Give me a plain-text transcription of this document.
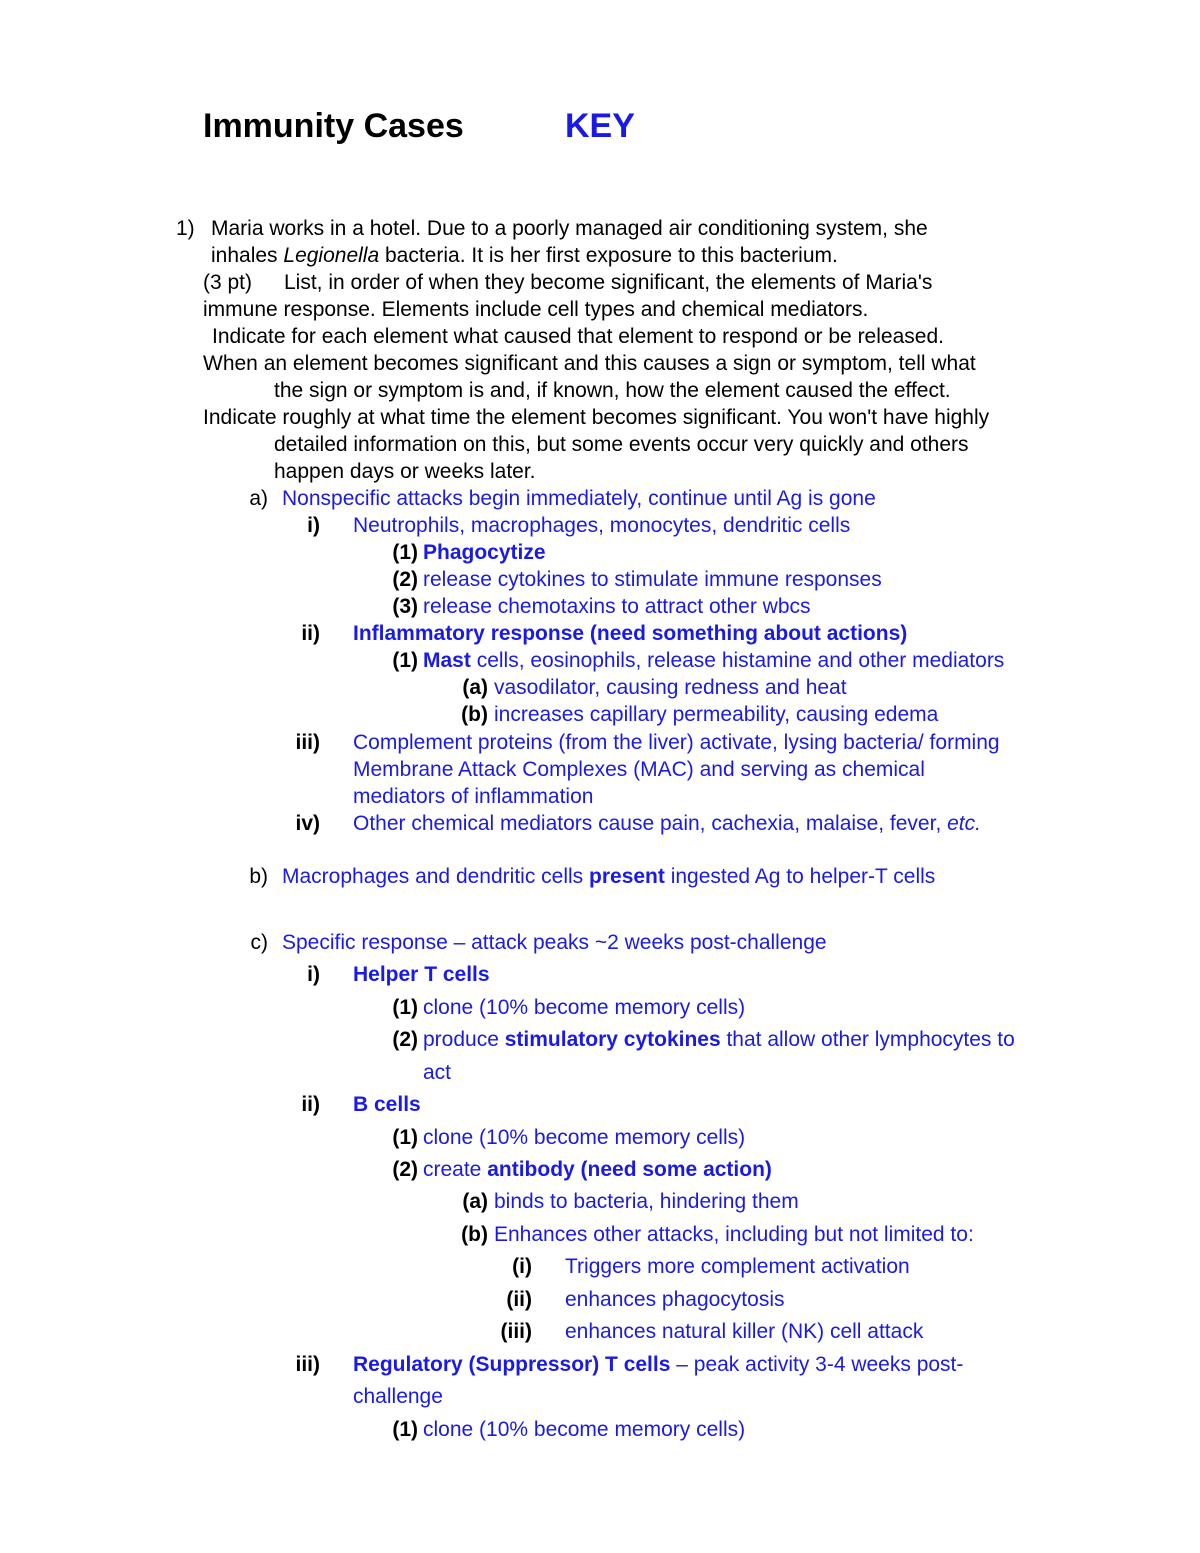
Immunity Cases	KEY
1) Maria works in a hotel. Due to a poorly managed air conditioning system, she
inhales Legionella bacteria. It is her first exposure to this bacterium.
(3 pt) List, in order of when they become significant, the elements of Maria's
immune response. Elements include cell types and chemical mediators.
Indicate for each element what caused that element to respond or be released.
When an element becomes significant and this causes a sign or symptom, tell what
the sign or symptom is and, if known, how the element caused the effect.
Indicate roughly at what time the element becomes significant. You won't have highly
detailed information on this, but some events occur very quickly and others
happen days or weeks later.
a) Nonspecific attacks begin immediately, continue until Ag is gone
i) Neutrophils, macrophages, monocytes, dendritic cells
(1) Phagocytize
(2) release cytokines to stimulate immune responses
(3) release chemotaxins to attract other wbcs
ii) Inflammatory response (need something about actions)
(1) Mast cells, eosinophils, release histamine and other mediators
(a) vasodilator, causing redness and heat
(b) increases capillary permeability, causing edema
iii) Complement proteins (from the liver) activate, lysing bacteria/ forming
Membrane Attack Complexes (MAC) and serving as chemical
mediators of inflammation
iv) Other chemical mediators cause pain, cachexia, malaise, fever, etc.
b) Macrophages and dendritic cells present ingested Ag to helper-T cells
c) Specific response – attack peaks ~2 weeks post-challenge
i) Helper T cells
(1) clone (10% become memory cells)
(2) produce stimulatory cytokines that allow other lymphocytes to
act
ii) B cells
(1) clone (10% become memory cells)
(2) create antibody (need some action)
(a) binds to bacteria, hindering them
(b) Enhances other attacks, including but not limited to:
(i) Triggers more complement activation
(ii) enhances phagocytosis
(iii) enhances natural killer (NK) cell attack
iii) Regulatory (Suppressor) T cells – peak activity 3-4 weeks post-
challenge
(1) clone (10% become memory cells)
